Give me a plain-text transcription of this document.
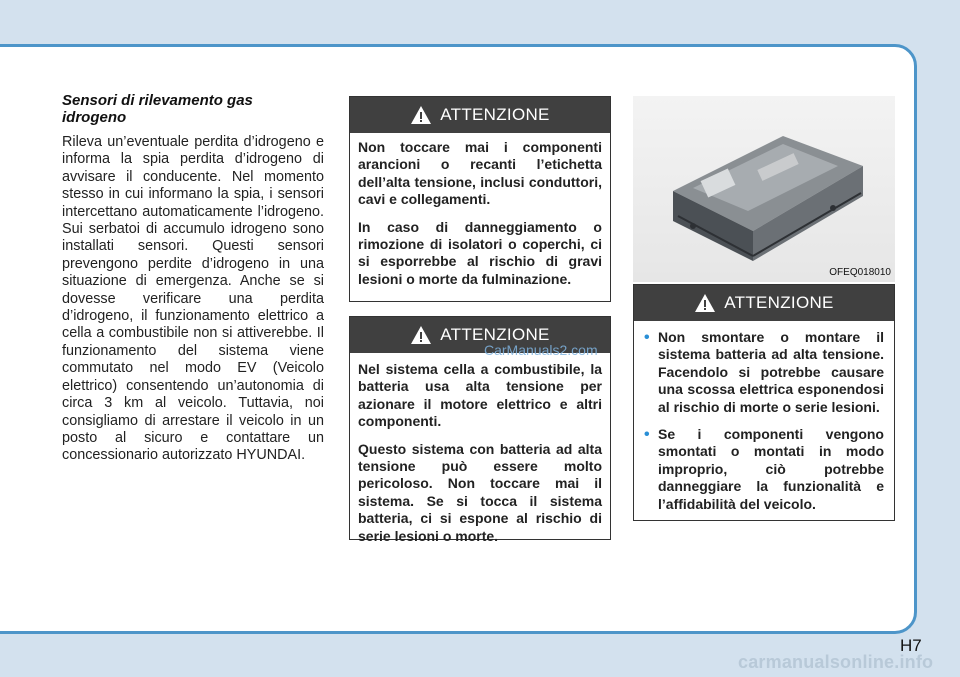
Sensori di rilevamento gas idrogeno

Rileva un’eventuale perdita d’idrogeno e informa la spia perdita d’idrogeno di avvisare il conducente. Nel momento stesso in cui informano la spia, i sensori intercettano automaticamente l’idrogeno. Sui serbatoi di accumulo idrogeno sono installati sensori. Questi sensori prevengono perdite d’idrogeno in una situazione di emergenza. Anche se si dovesse verificare una perdita d’idrogeno, il funzionamento elettrico a cella a combustibile non si attiverebbe. Il funzionamento del sistema viene commutato nel modo EV (Veicolo elettrico) consentendo un’autonomia di circa 3 km al veicolo. Tuttavia, noi consigliamo di arrestare il veicolo in un posto al sicuro e contattare un concessionario autorizzato HYUNDAI.

ATTENZIONE

Non toccare mai i componenti arancioni o recanti l’etichetta dell’alta tensione, inclusi conduttori, cavi e collegamenti.

In caso di danneggiamento o rimozione di isolatori o coperchi, ci si esporrebbe al rischio di gravi lesioni o morte da fulminazione.

ATTENZIONE

Nel sistema cella a combustibile, la batteria usa alta tensione per azionare il motore elettrico e altri componenti.

Questo sistema con batteria ad alta tensione può essere molto pericoloso. Non toccare mai il sistema. Se si tocca il sistema batteria, ci si espone al rischio di serie lesioni o morte.

OFEQ018010
ATTENZIONE
• Non smontare o montare il sistema batteria ad alta tensione. Facendolo si potrebbe causare una scossa elettrica esponendosi al rischio di morte o serie lesioni.
• Se i componenti vengono smontati o montati in modo improprio, ciò potrebbe danneggiare la funzionalità e l’affidabilità del veicolo.
CarManuals2.com
H7
carmanualsonline.info
